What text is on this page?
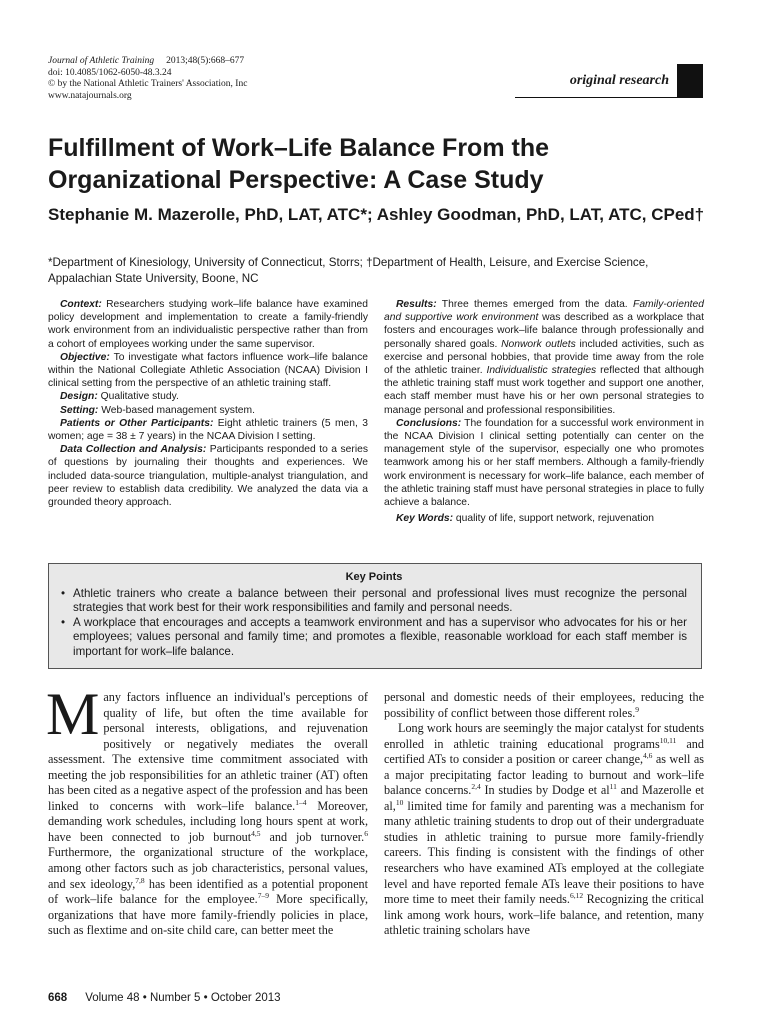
Journal of Athletic Training 2013;48(5):668–677
doi: 10.4085/1062-6050-48.3.24
© by the National Athletic Trainers' Association, Inc
www.natajournals.org
original research
Fulfillment of Work–Life Balance From the Organizational Perspective: A Case Study
Stephanie M. Mazerolle, PhD, LAT, ATC*; Ashley Goodman, PhD, LAT, ATC, CPed†
*Department of Kinesiology, University of Connecticut, Storrs; †Department of Health, Leisure, and Exercise Science, Appalachian State University, Boone, NC

Context: Researchers studying work–life balance have examined policy development and implementation to create a family-friendly work environment from an individualistic perspective rather than from a cohort of employees working under the same supervisor.

Objective: To investigate what factors influence work–life balance within the National Collegiate Athletic Association (NCAA) Division I clinical setting from the perspective of an athletic training staff.

Design: Qualitative study.

Setting: Web-based management system.

Patients or Other Participants: Eight athletic trainers (5 men, 3 women; age = 38 ± 7 years) in the NCAA Division I setting.

Data Collection and Analysis: Participants responded to a series of questions by journaling their thoughts and experiences. We included data-source triangulation, multiple-analyst triangulation, and peer review to establish data credibility. We analyzed the data via a grounded theory approach.

Results: Three themes emerged from the data. Family-oriented and supportive work environment was described as a workplace that fosters and encourages work–life balance through professionally and personally shared goals. Nonwork outlets included activities, such as exercise and personal hobbies, that provide time away from the role of the athletic trainer. Individualistic strategies reflected that although the athletic training staff must work together and support one another, each staff member must have his or her own personal strategies to manage personal and professional responsibilities.

Conclusions: The foundation for a successful work environment in the NCAA Division I clinical setting potentially can center on the management style of the supervisor, especially one who promotes teamwork among his or her staff members. Although a family-friendly work environment is necessary for work–life balance, each member of the athletic training staff must have personal strategies in place to fully achieve a balance.

Key Words: quality of life, support network, rejuvenation

Key Points
• Athletic trainers who create a balance between their personal and professional lives must recognize the personal strategies that work best for their work responsibilities and family and personal needs.
• A workplace that encourages and accepts a teamwork environment and has a supervisor who advocates for his or her employees; values personal and family time; and promotes a flexible, reasonable workload for each staff member is important for work–life balance.

Many factors influence an individual's perceptions of quality of life, but often the time available for personal interests, obligations, and rejuvenation positively or negatively mediates the overall assessment. The extensive time commitment associated with meeting the job responsibilities for an athletic trainer (AT) often has been cited as a negative aspect of the profession and has been linked to concerns with work–life balance.$^{1-4}$ Moreover, demanding work schedules, including long hours spent at work, have been connected to job burnout$^{4,5}$ and job turnover.$^6$ Furthermore, the organizational structure of the workplace, among other factors such as job characteristics, personal values, and sex ideology,$^{7,8}$ has been identified as a potential proponent of work–life balance for the employee.$^{7-9}$ More specifically, organizations that have more family-friendly policies in place, such as flextime and on-site child care, can better meet the

personal and domestic needs of their employees, reducing the possibility of conflict between those different roles.$^9$

Long work hours are seemingly the major catalyst for students enrolled in athletic training educational programs$^{10,11}$ and certified ATs to consider a position or career change,$^{4,6}$ as well as a major precipitating factor leading to burnout and work–life balance concerns.$^{2,4}$ In studies by Dodge et $al^{11}$ and Mazerolle et al,$^{10}$ limited time for family and parenting was a mechanism for many athletic training students to drop out of their undergraduate studies in athletic training to pursue more family-friendly careers. This finding is consistent with the findings of other researchers who have examined ATs employed at the collegiate level and have reported female ATs leave their positions to have more time to meet their family needs.$^{6,12}$ Recognizing the critical link among work hours, work–life balance, and retention, many athletic training scholars have

668 Volume 48 • Number 5 • October 2013
